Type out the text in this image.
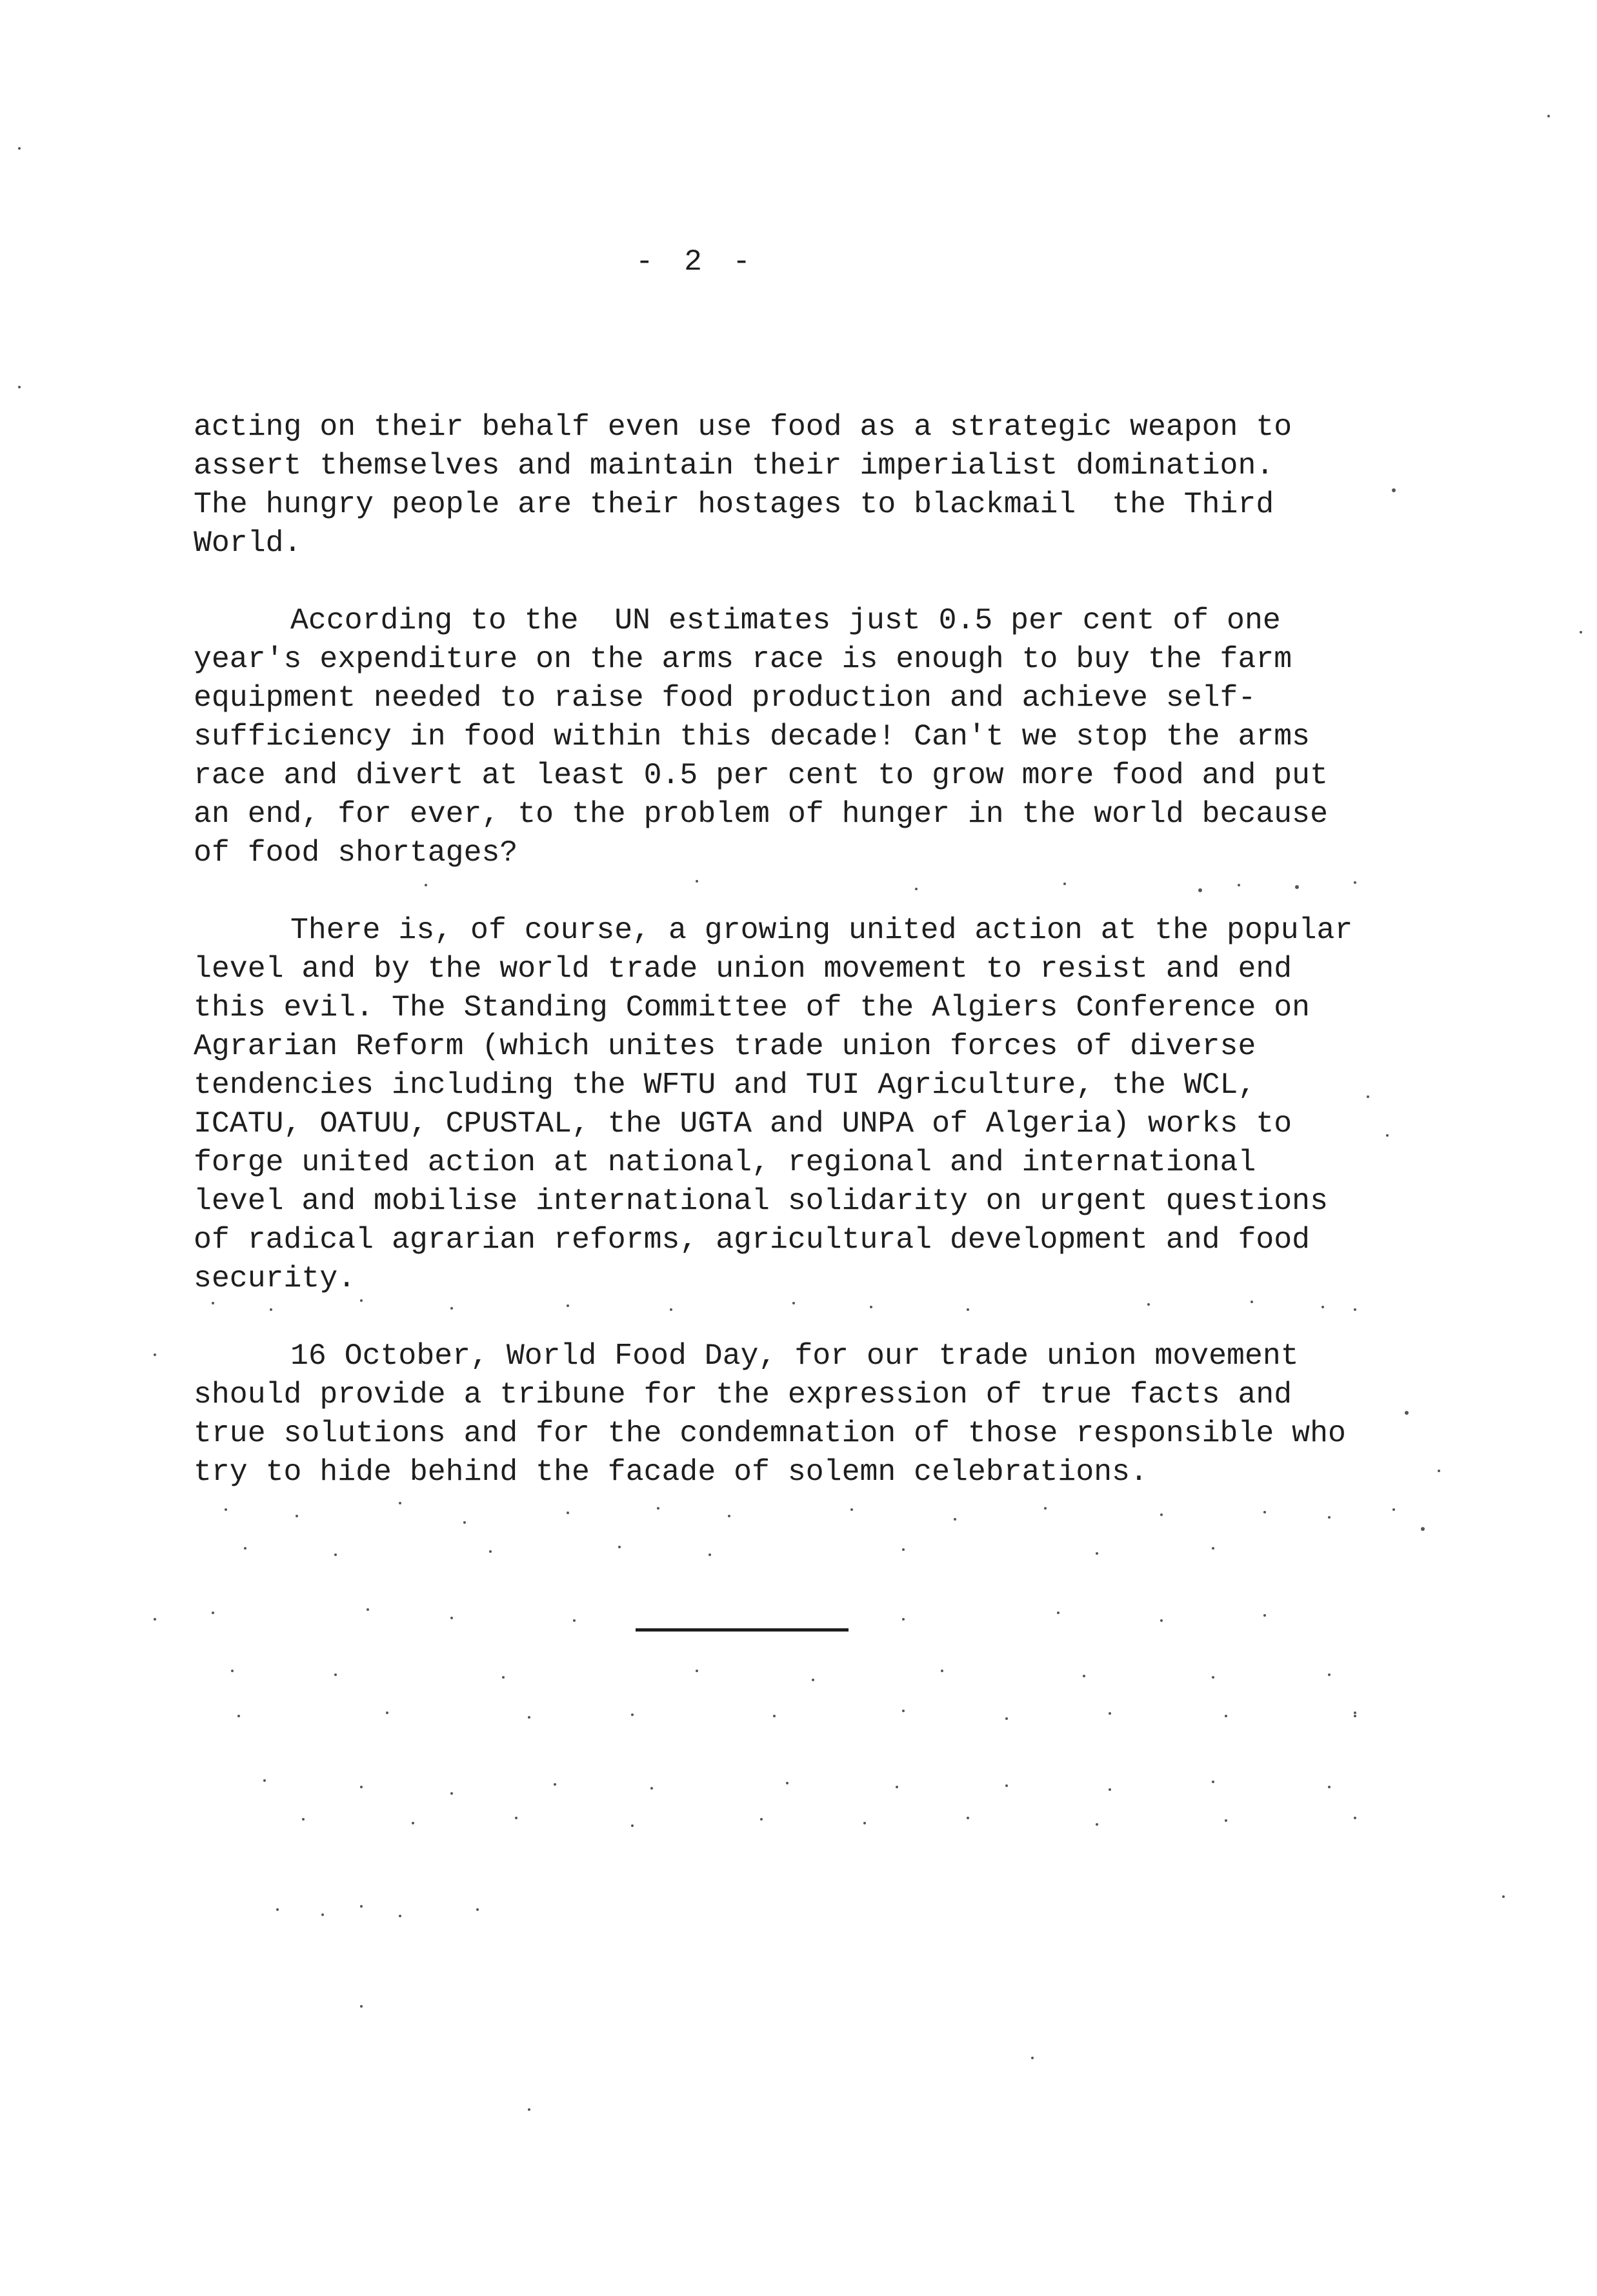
- 2 -
acting on their behalf even use food as a strategic weapon to
assert themselves and maintain their imperialist domination.
The hungry people are their hostages to blackmail  the Third
World.
According to the  UN estimates just 0.5 per cent of one
year's expenditure on the arms race is enough to buy the farm
equipment needed to raise food production and achieve self-
sufficiency in food within this decade! Can't we stop the arms
race and divert at least 0.5 per cent to grow more food and put
an end, for ever, to the problem of hunger in the world because
of food shortages?
There is, of course, a growing united action at the popular
level and by the world trade union movement to resist and end
this evil. The Standing Committee of the Algiers Conference on
Agrarian Reform (which unites trade union forces of diverse
tendencies including the WFTU and TUI Agriculture, the WCL,
ICATU, OATUU, CPUSTAL, the UGTA and UNPA of Algeria) works to
forge united action at national, regional and international
level and mobilise international solidarity on urgent questions
of radical agrarian reforms, agricultural development and food
security.
16 October, World Food Day, for our trade union movement
should provide a tribune for the expression of true facts and
true solutions and for the condemnation of those responsible who
try to hide behind the facade of solemn celebrations.
